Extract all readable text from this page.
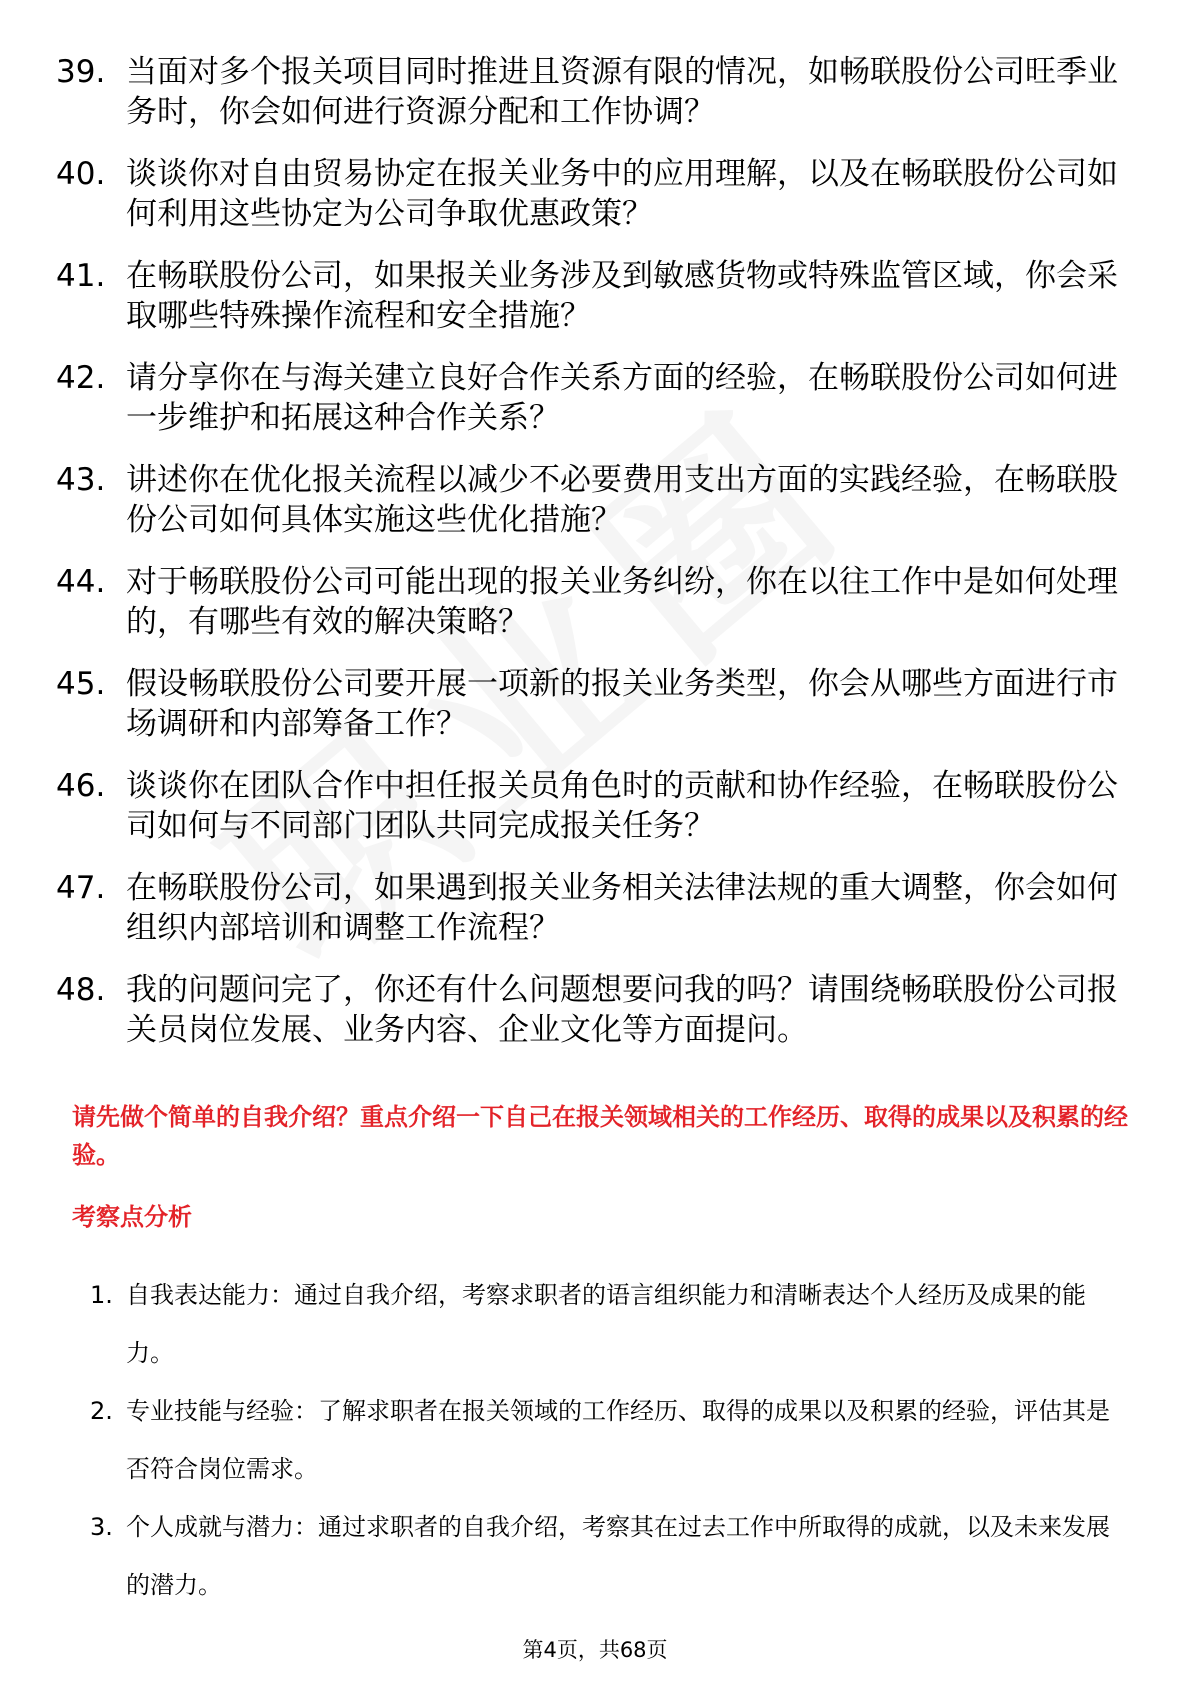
39. 当面对多个报关项目同时推进且资源有限的情况，如畅联股份公司旺季业务时，你会如何进行资源分配和工作协调？
40. 谈谈你对自由贸易协定在报关业务中的应用理解，以及在畅联股份公司如何利用这些协定为公司争取优惠政策？
41. 在畅联股份公司，如果报关业务涉及到敏感货物或特殊监管区域，你会采取哪些特殊操作流程和安全措施？
42. 请分享你在与海关建立良好合作关系方面的经验，在畅联股份公司如何进一步维护和拓展这种合作关系？
43. 讲述你在优化报关流程以减少不必要费用支出方面的实践经验，在畅联股份公司如何具体实施这些优化措施？
44. 对于畅联股份公司可能出现的报关业务纠纷，你在以往工作中是如何处理的，有哪些有效的解决策略？
45. 假设畅联股份公司要开展一项新的报关业务类型，你会从哪些方面进行市场调研和内部筹备工作？
46. 谈谈你在团队合作中担任报关员角色时的贡献和协作经验，在畅联股份公司如何与不同部门团队共同完成报关任务？
47. 在畅联股份公司，如果遇到报关业务相关法律法规的重大调整，你会如何组织内部培训和调整工作流程？
48. 我的问题问完了，你还有什么问题想要问我的吗？请围绕畅联股份公司报关员岗位发展、业务内容、企业文化等方面提问。
请先做个简单的自我介绍？重点介绍一下自己在报关领域相关的工作经历、取得的成果以及积累的经验。
考察点分析
1. 自我表达能力：通过自我介绍，考察求职者的语言组织能力和清晰表达个人经历及成果的能力。
2. 专业技能与经验：了解求职者在报关领域的工作经历、取得的成果以及积累的经验，评估其是否符合岗位需求。
3. 个人成就与潜力：通过求职者的自我介绍，考察其在过去工作中所取得的成就，以及未来发展的潜力。
第4页，共68页
